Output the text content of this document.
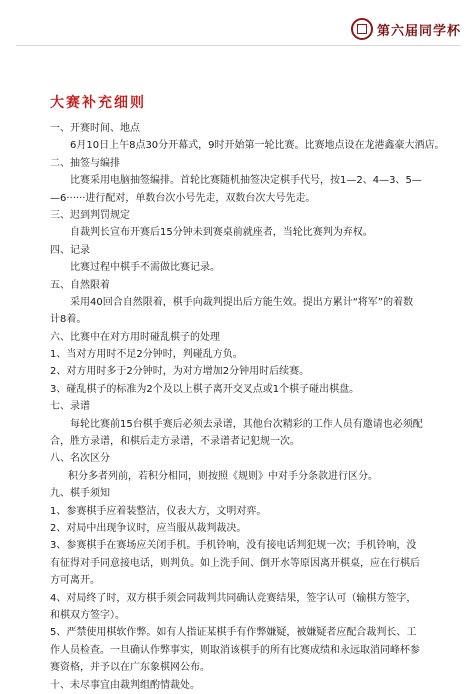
第六届同学杯
大赛补充细则
一、开赛时间、地点
6月10日上午8点30分开幕式，9时开始第一轮比赛。比赛地点设在龙港鑫豪大酒店。
二、抽签与编排
比赛采用电脑抽签编排。首轮比赛随机抽签决定棋手代号，按1—2、4—3、5—
—6······进行配对，单数台次小号先走，双数台次大号先走。
三、迟到判罚规定
自裁判长宣布开赛后15分钟未到赛桌前就座者，当轮比赛判为弃权。
四、记录
比赛过程中棋手不需做比赛记录。
五、自然限着
采用40回合自然限着，棋手向裁判提出后方能生效。提出方累计“将军”的着数
计8着。
六、比赛中在对方用时碰乱棋子的处理
1、当对方用时不足2分钟时，判碰乱方负。
2、对方用时多于2分钟时，为对方增加2分钟用时后续赛。
3、碰乱棋子的标准为2个及以上棋子离开交叉点或1个棋子碰出棋盘。
七、录谱
每轮比赛前15台棋手赛后必须去录谱，其他台次精彩的工作人员有邀请也必须配
合，胜方录谱，和棋后走方录谱，不录谱者记犯规一次。
八、名次区分
积分多者列前，若积分相同，则按照《规则》中对手分条款进行区分。
九、棋手须知
1、参赛棋手应着装整洁，仪表大方，文明对弈。
2、对局中出现争议时，应当服从裁判裁决。
3、参赛棋手在赛场应关闭手机。手机铃响，没有接电话判犯规一次；手机铃响，没
有征得对手同意接电话，则判负。如上洗手间、倒开水等原因离开棋桌，应在行棋后
方可离开。
4、对局终了时，双方棋手须会同裁判共同确认竞赛结果，签字认可（输棋方签字，
和棋双方签字）。
5、严禁使用棋软作弊。如有人指证某棋手有作弊嫌疑，被嫌疑者应配合裁判长、工
作人员检查。一旦确认作弊事实，则取消该棋手的所有比赛成绩和永远取消同峰杯参
赛资格，并予以在广东象棋网公布。
十、未尽事宜由裁判组酌情裁处。
